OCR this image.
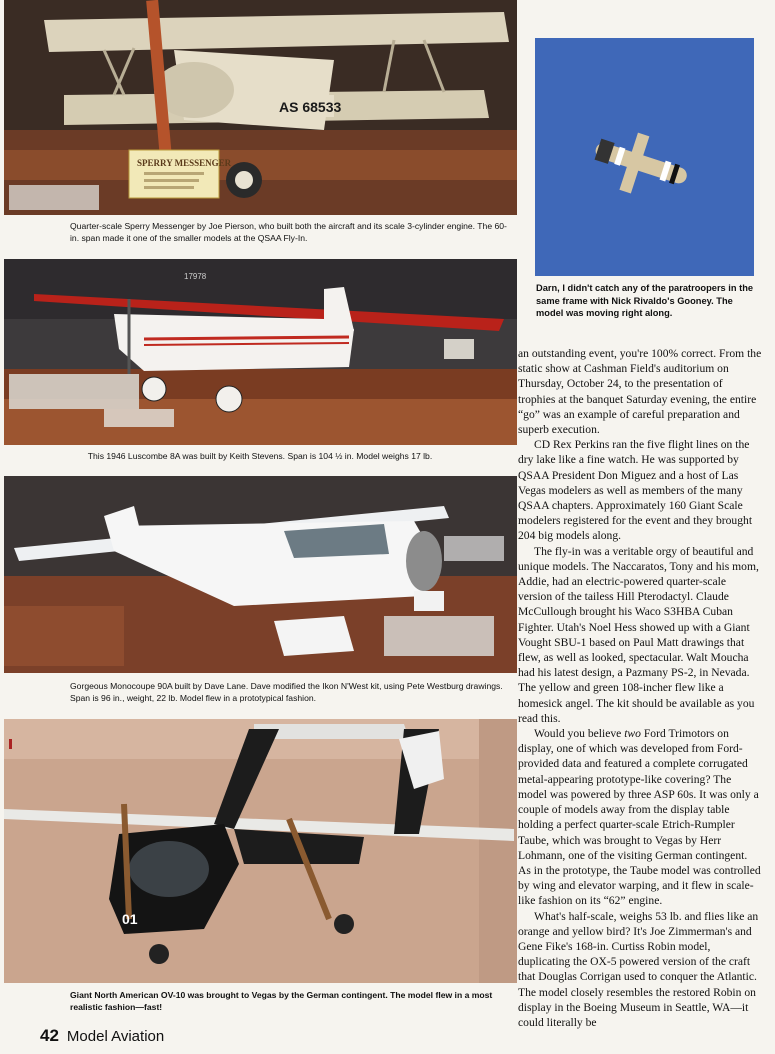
AS 68533
SPERRY MESSENGER
Quarter-scale Sperry Messenger by Joe Pierson, who built both the aircraft and its scale 3-cylinder engine. The 60-in. span made it one of the smaller models at the QSAA Fly-In.
17978
This 1946 Luscombe 8A was built by Keith Stevens. Span is 104 ½ in. Model weighs 17 lb.
Gorgeous Monocoupe 90A built by Dave Lane. Dave modified the Ikon N'West kit, using Pete Westburg drawings. Span is 96 in., weight, 22 lb. Model flew in a prototypical fashion.
01
Giant North American OV-10 was brought to Vegas by the German contingent. The model flew in a most realistic fashion—fast!
Darn, I didn't catch any of the paratroopers in the same frame with Nick Rivaldo's Gooney. The model was moving right along.

an outstanding event, you're 100% correct. From the static show at Cashman Field's auditorium on Thursday, October 24, to the presentation of trophies at the banquet Saturday evening, the entire “go” was an example of careful preparation and superb execution.

CD Rex Perkins ran the five flight lines on the dry lake like a fine watch. He was supported by QSAA President Don Miguez and a host of Las Vegas modelers as well as members of the many QSAA chapters. Approximately 160 Giant Scale modelers registered for the event and they brought 204 big models along.

The fly-in was a veritable orgy of beautiful and unique models. The Naccaratos, Tony and his mom, Addie, had an electric-powered quarter-scale version of the tailess Hill Pterodactyl. Claude McCullough brought his Waco S3HBA Cuban Fighter. Utah's Noel Hess showed up with a Giant Vought SBU-1 based on Paul Matt drawings that flew, as well as looked, spectacular. Walt Moucha had his latest design, a Pazmany PS-2, in Nevada. The yellow and green 108-incher flew like a homesick angel. The kit should be available as you read this.

Would you believe two Ford Trimotors on display, one of which was developed from Ford-provided data and featured a complete corrugated metal-appearing prototype-like covering? The model was powered by three ASP 60s. It was only a couple of models away from the display table holding a perfect quarter-scale Etrich-Rumpler Taube, which was brought to Vegas by Herr Lohmann, one of the visiting German contingent. As in the prototype, the Taube model was controlled by wing and elevator warping, and it flew in scale-like fashion on its “62” engine.

What's half-scale, weighs 53 lb. and flies like an orange and yellow bird? It's Joe Zimmerman's and Gene Fike's 168-in. Curtiss Robin model, duplicating the OX-5 powered version of the craft that Douglas Corrigan used to conquer the Atlantic. The model closely resembles the restored Robin on display in the Boeing Museum in Seattle, WA—it could literally be

42 Model Aviation
